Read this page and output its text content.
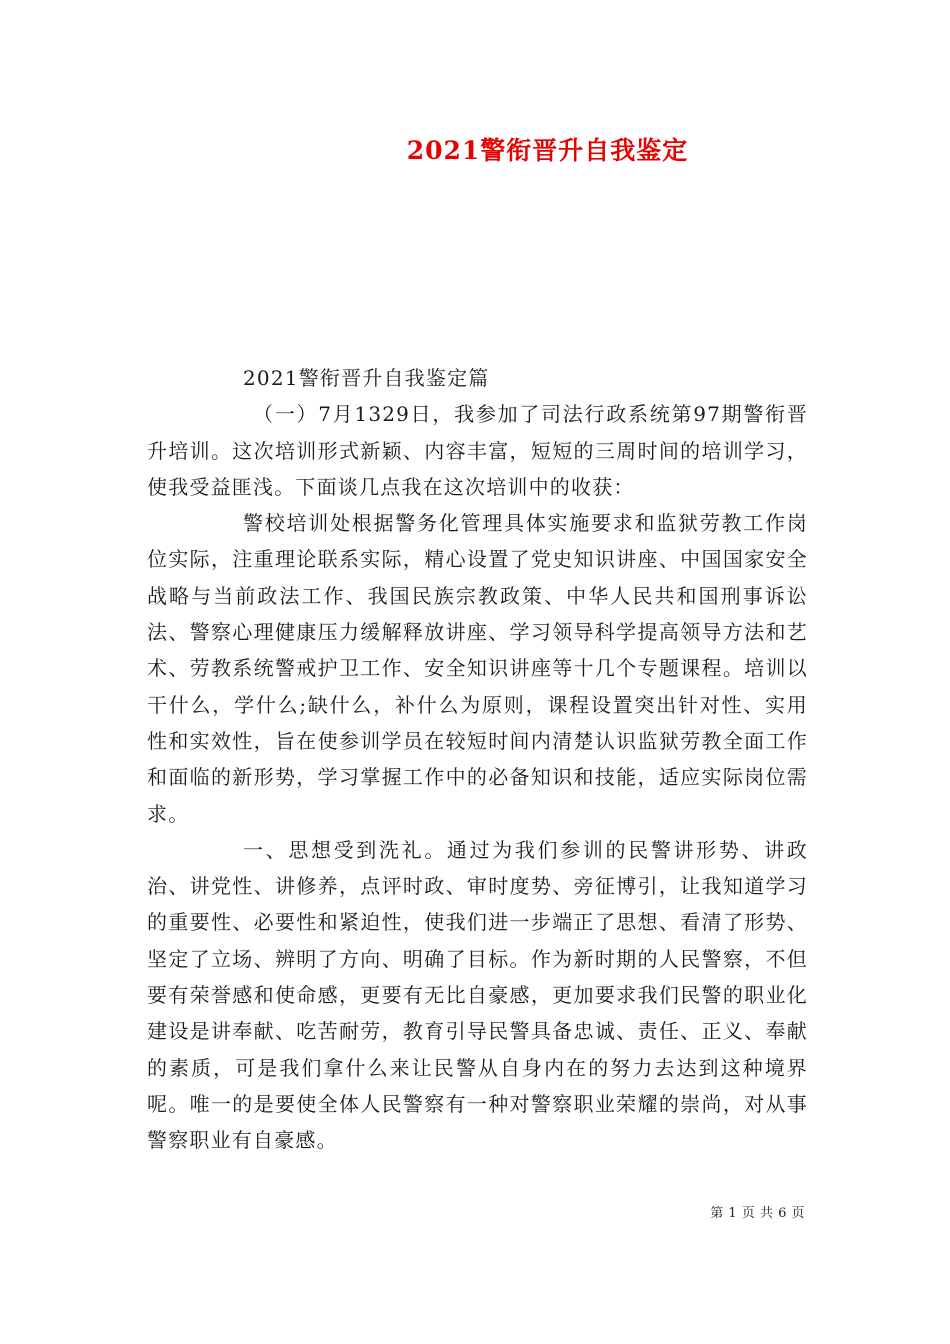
2021警衔晋升自我鉴定

2021警衔晋升自我鉴定篇

（一）7月1329日，我参加了司法行政系统第97期警衔晋升培训。这次培训形式新颖、内容丰富，短短的三周时间的培训学习，使我受益匪浅。下面谈几点我在这次培训中的收获：

警校培训处根据警务化管理具体实施要求和监狱劳教工作岗位实际，注重理论联系实际，精心设置了党史知识讲座、中国国家安全战略与当前政法工作、我国民族宗教政策、中华人民共和国刑事诉讼法、警察心理健康压力缓解释放讲座、学习领导科学提高领导方法和艺术、劳教系统警戒护卫工作、安全知识讲座等十几个专题课程。培训以干什么，学什么;缺什么，补什么为原则，课程设置突出针对性、实用性和实效性，旨在使参训学员在较短时间内清楚认识监狱劳教全面工作和面临的新形势，学习掌握工作中的必备知识和技能，适应实际岗位需求。

一、思想受到洗礼。通过为我们参训的民警讲形势、讲政治、讲党性、讲修养，点评时政、审时度势、旁征博引，让我知道学习的重要性、必要性和紧迫性，使我们进一步端正了思想、看清了形势、坚定了立场、辨明了方向、明确了目标。作为新时期的人民警察，不但要有荣誉感和使命感，更要有无比自豪感，更加要求我们民警的职业化建设是讲奉献、吃苦耐劳，教育引导民警具备忠诚、责任、正义、奉献的素质，可是我们拿什么来让民警从自身内在的努力去达到这种境界呢。唯一的是要使全体人民警察有一种对警察职业荣耀的崇尚，对从事警察职业有自豪感。

第 1 页 共 6 页
